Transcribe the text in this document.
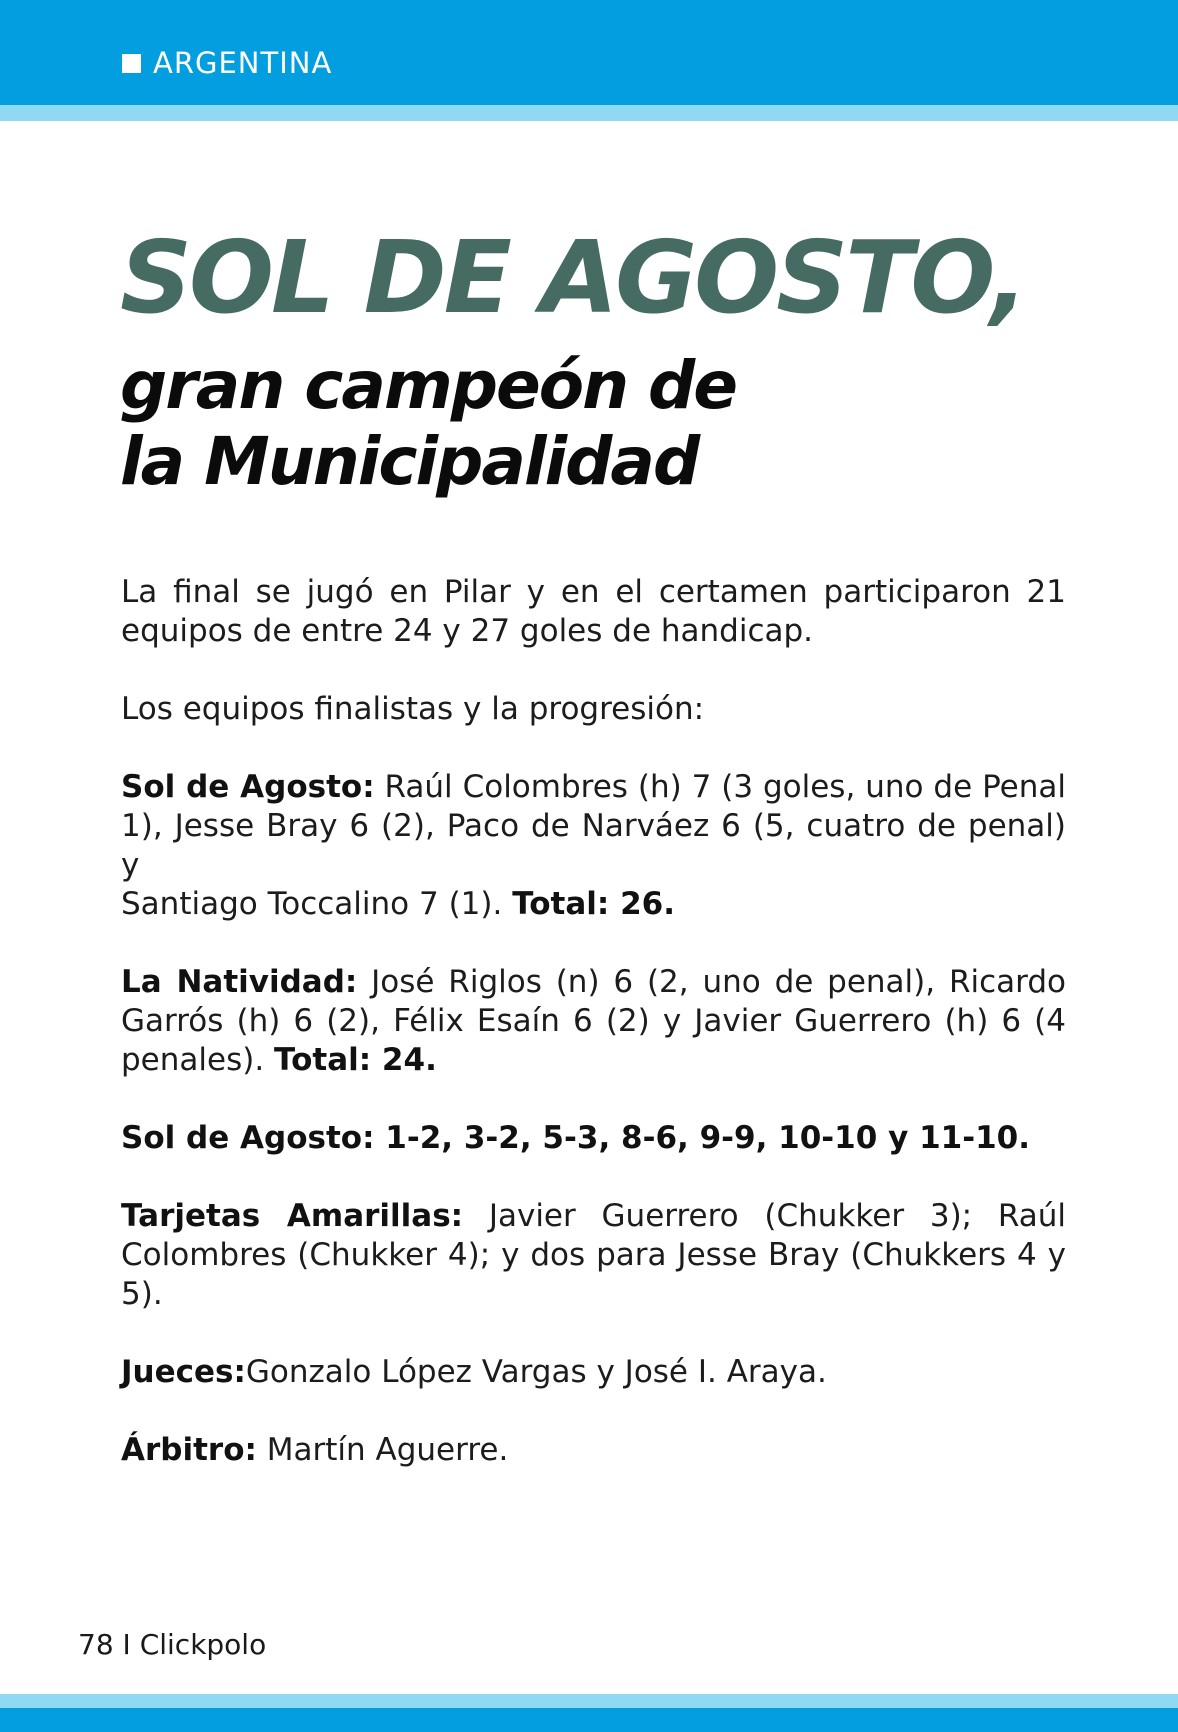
ARGENTINA
SOL DE AGOSTO,
gran campeón de
la Municipalidad

La final se jugó en Pilar y en el certamen participaron 21
equipos de entre 24 y 27 goles de handicap.

Los equipos finalistas y la progresión:

Sol de Agosto: Raúl Colombres (h) 7 (3 goles, uno de Penal
1), Jesse Bray 6 (2), Paco de Narváez 6 (5, cuatro de penal) y
Santiago Toccalino 7 (1). Total: 26.

La Natividad: José Riglos (n) 6 (2, uno de penal), Ricardo
Garrós (h) 6 (2), Félix Esaín 6 (2) y Javier Guerrero (h) 6 (4
penales). Total: 24.

Sol de Agosto: 1-2, 3-2, 5-3, 8-6, 9-9, 10-10 y 11-10.

Tarjetas Amarillas: Javier Guerrero (Chukker 3); Raúl
Colombres (Chukker 4); y dos para Jesse Bray (Chukkers 4 y
5).

Jueces:Gonzalo López Vargas y José I. Araya.

Árbitro: Martín Aguerre.

78 I Clickpolo
